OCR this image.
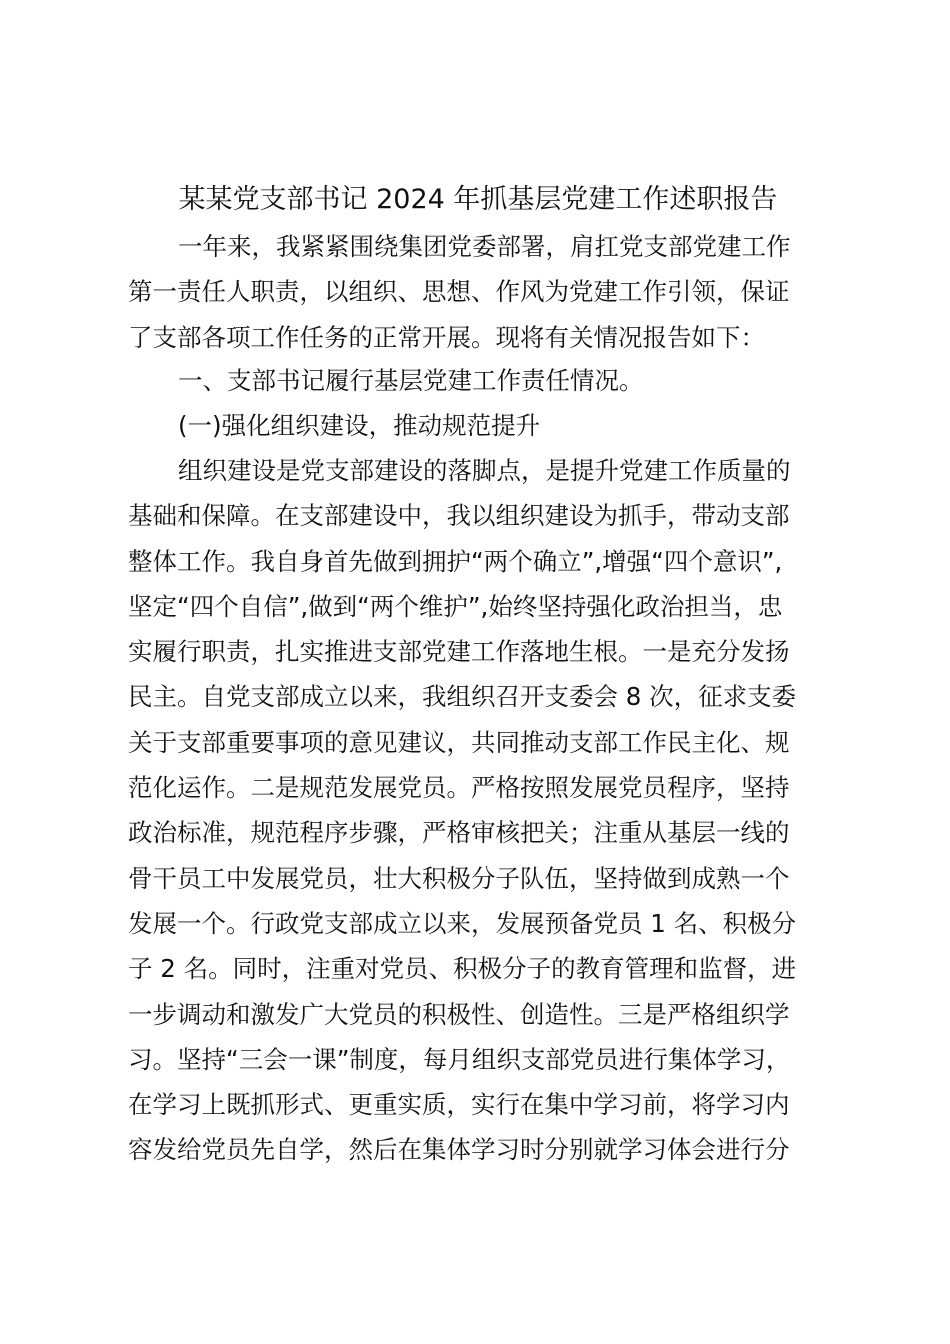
某某党支部书记 2024 年抓基层党建工作述职报告
一年来，我紧紧围绕集团党委部署，肩扛党支部党建工作
第一责任人职责，以组织、思想、作风为党建工作引领，保证
了支部各项工作任务的正常开展。现将有关情况报告如下：
一、支部书记履行基层党建工作责任情况。
(一)强化组织建设，推动规范提升
组织建设是党支部建设的落脚点，是提升党建工作质量的
基础和保障。在支部建设中，我以组织建设为抓手，带动支部
整体工作。我自身首先做到拥护“两个确立”,增强“四个意识”,
坚定“四个自信”,做到“两个维护”,始终坚持强化政治担当，忠
实履行职责，扎实推进支部党建工作落地生根。一是充分发扬
民主。自党支部成立以来，我组织召开支委会 8 次，征求支委
关于支部重要事项的意见建议，共同推动支部工作民主化、规
范化运作。二是规范发展党员。严格按照发展党员程序，坚持
政治标准，规范程序步骤，严格审核把关；注重从基层一线的
骨干员工中发展党员，壮大积极分子队伍，坚持做到成熟一个
发展一个。行政党支部成立以来，发展预备党员 1 名、积极分
子 2 名。同时，注重对党员、积极分子的教育管理和监督，进
一步调动和激发广大党员的积极性、创造性。三是严格组织学
习。坚持“三会一课”制度，每月组织支部党员进行集体学习，
在学习上既抓形式、更重实质，实行在集中学习前，将学习内
容发给党员先自学，然后在集体学习时分别就学习体会进行分
